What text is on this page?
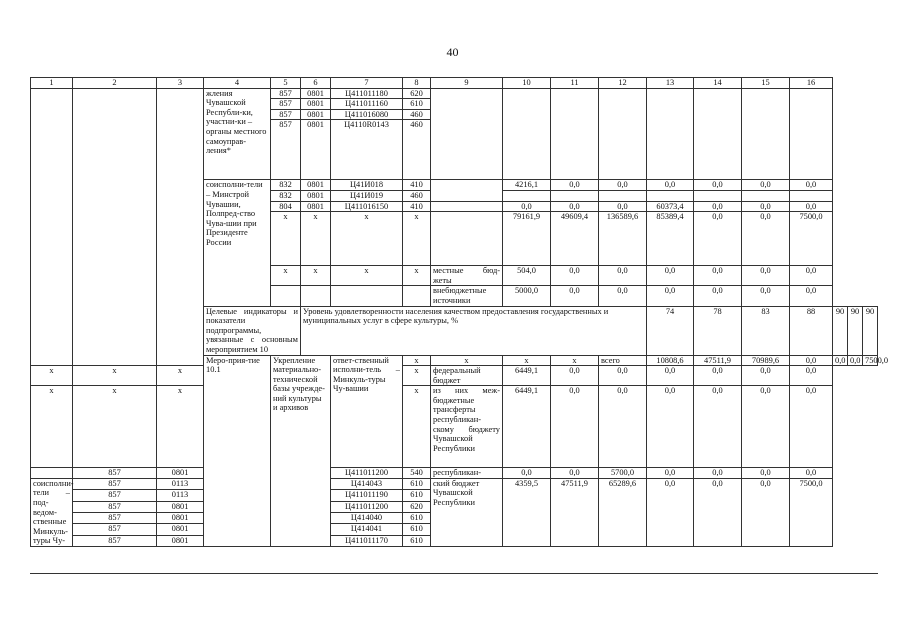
40
1	2	3	4	5	6	7	8	9	10	11	12	13	14	15	16			
			жления Чувашской Республи-ки, участни-ки – органы местного самоуправ-ления*	857	0801	Ц411011180	620											
				857	0801	Ц411011160	610											
				857	0801	Ц411016080	460											
				857	0801	Ц4110R0143	460											
			соисполни-тели – Минстрой Чувашии, Полпред-ство Чува-шии при Президенте России	832	0801	Ц41И018	410		4216,1	0,0	0,0	0,0	0,0	0,0	0,0			
				832	0801	Ц41И019	460											
				804	0801	Ц411016150	410		0,0	0,0	0,0	60373,4	0,0	0,0	0,0			
				х	х	х	х		79161,9	49609,4	136589,6	85389,4	0,0	0,0	7500,0			
				х	х	х	х	местные бюд-жеты	504,0	0,0	0,0	0,0	0,0	0,0	0,0			
								внебюджетные источники	5000,0	0,0	0,0	0,0	0,0	0,0	0,0			
			Целевые индикаторы и показатели подпрограммы, увязанные с основным мероприятием 10		Уровень удовлетворенности населения качеством предоставления государственных и муниципальных услуг в сфере культуры, %							74	78	83	88	90	90	90
			Меро-прия-тие 10.1	Укрепление материально-технической базы учрежде-ний культуры и архивов		ответ-ственный исполни-тель – Минкуль-туры Чу-вашии	х	х	х	х	всего	10808,6	47511,9	70989,6	0,0	0,0	0,0	7500,0
х	х	х					х	федеральный бюджет	6449,1	0,0	0,0	0,0	0,0	0,0	0,0			
х	х	х					х	из них меж-бюджетные трансферты республикан-скому бюджету Чувашской Республики	6449,1	0,0	0,0	0,0	0,0	0,0	0,0			
	857	0801				Ц411011200	540	республикан-	0,0	0,0	5700,0	0,0	0,0	0,0	0,0			
соисполни-тели – под-ведом-ственные Минкуль-туры Чу-	857	0113				Ц414043	610	ский бюджет Чувашской Республики	4359,5	47511,9	65289,6	0,0	0,0	0,0	7500,0			
	857	0113				Ц411011190	610											
	857	0801				Ц411011200	620											
	857	0801				Ц414040	610											
	857	0801				Ц414041	610											
	857	0801				Ц411011170	610											
